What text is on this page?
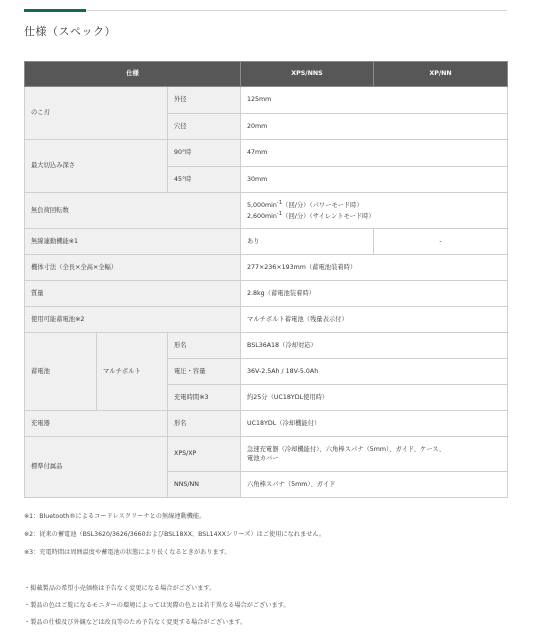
仕様（スペック）
仕様			XPS/NNS	XP/NN
のこ刃		外径	125mm	
		穴径	20mm	
最大切込み深さ		90°時	47mm	
		45°時	30mm	
無負荷回転数			$5,000\min^{-1}$（回/分）（パワーモード時）
$2,600\min^{-1}$（回/分）（サイレントモード時）	

無線連動機能※1			あり	-
機体寸法（全長×全高×全幅）			277×236×193mm（蓄電池装着時）	
質量			2.8kg（蓄電池装着時）	
使用可能蓄電池※2			マルチボルト蓄電池（残量表示付）	
蓄電池	マルチボルト	形名	BSL36A18（冷却対応）	
		電圧・容量	36V-2.5Ah / 18V-5.0Ah	
		充電時間※3	約25分（UC18YDL使用時）	
充電器		形名	UC18YDL（冷却機能付）	
標準付属品		XPS/XP	急速充電器（冷却機能付）、六角棒スパナ（5mm）、ガイド、ケース、
電池カバー	

		NNS/NN	六角棒スパナ（5mm）、ガイド	

※1：Bluetooth®によるコードレスクリーナとの無線連動機能。

※2：従来の蓄電池（BSL3620/3626/3660およびBSL18XX、BSL14XXシリーズ）はご使用になれません。

※3：充電時間は周囲温度や蓄電池の状態により長くなるときがあります。

・掲載製品の希望小売価格は予告なく変更になる場合がございます。

・製品の色はご覧になるモニターの環境によっては実際の色とは若干異なる場合がございます。

・製品の仕様及び外観などは改良等のため予告なく変更する場合がございます。
